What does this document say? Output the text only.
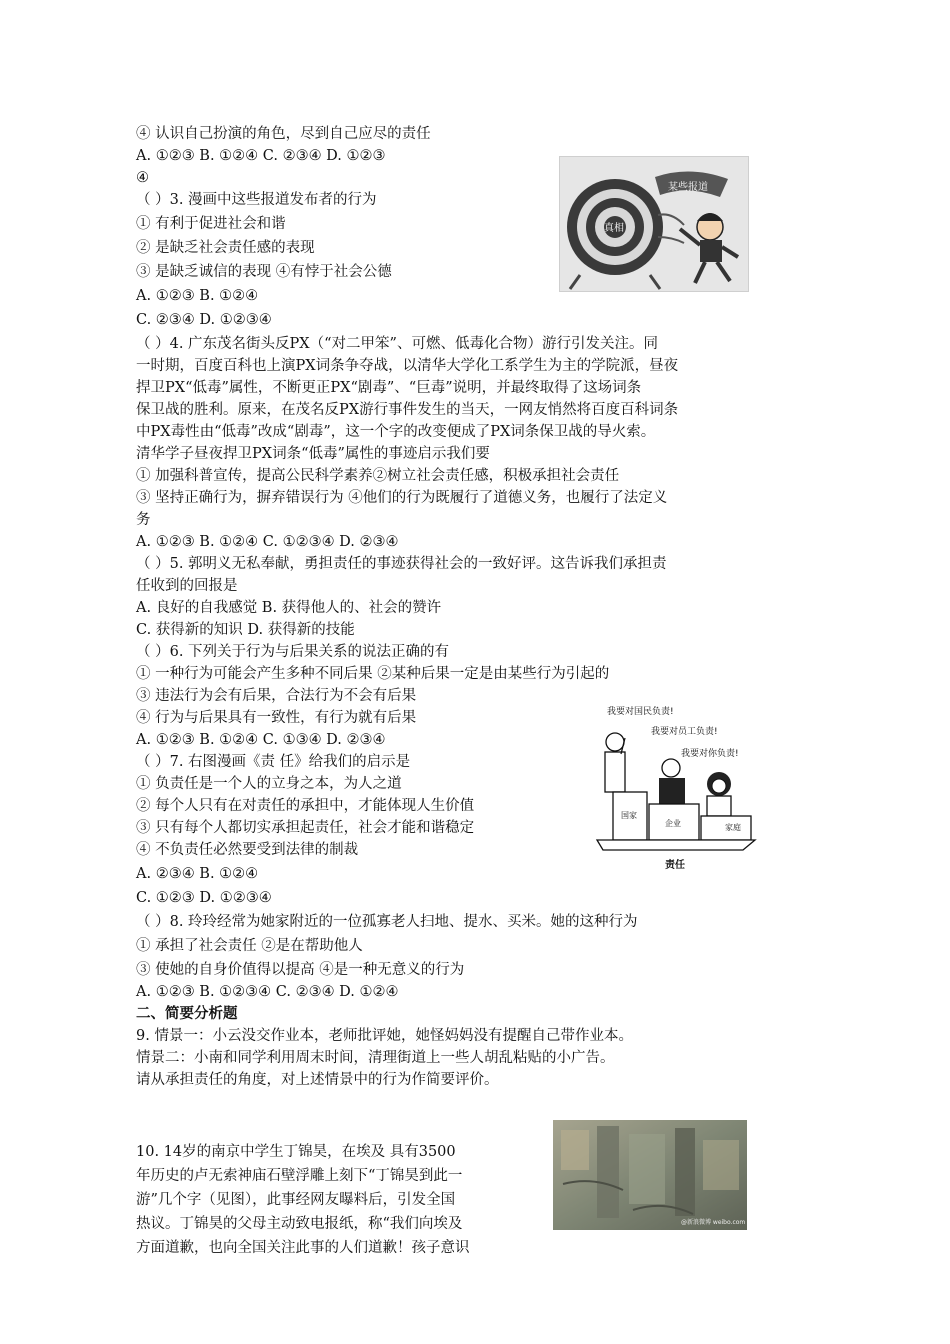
④ 认识自己扮演的角色，尽到自己应尽的责任
A. ①②③ B. ①②④ C. ②③④ D. ①②③
④
（ ）3. 漫画中这些报道发布者的行为
① 有利于促进社会和谐
② 是缺乏社会责任感的表现
③ 是缺乏诚信的表现 ④有悖于社会公德
A. ①②③ B. ①②④
C. ②③④ D. ①②③④
（ ）4. 广东茂名街头反PX（“对二甲笨”、可燃、低毒化合物）游行引发关注。同
一时期，百度百科也上演PX词条争夺战，以清华大学化工系学生为主的学院派，昼夜
捍卫PX“低毒”属性，不断更正PX“剧毒”、“巨毒”说明，并最终取得了这场词条
保卫战的胜利。原来，在茂名反PX游行事件发生的当天，一网友悄然将百度百科词条
中PX毒性由“低毒”改成“剧毒”，这一个字的改变便成了PX词条保卫战的导火索。
清华学子昼夜捍卫PX词条“低毒”属性的事迹启示我们要
① 加强科普宣传，提高公民科学素养②树立社会责任感，积极承担社会责任
③ 坚持正确行为，摒弃错误行为 ④他们的行为既履行了道德义务，也履行了法定义
务
A. ①②③ B. ①②④ C. ①②③④ D. ②③④
（ ）5. 郭明义无私奉献，勇担责任的事迹获得社会的一致好评。这告诉我们承担责
任收到的回报是
A. 良好的自我感觉 B. 获得他人的、社会的赞许
C. 获得新的知识 D. 获得新的技能
（ ）6. 下列关于行为与后果关系的说法正确的有
① 一种行为可能会产生多种不同后果 ②某种后果一定是由某些行为引起的
③ 违法行为会有后果，合法行为不会有后果
④ 行为与后果具有一致性，有行为就有后果
A. ①②③ B. ①②④ C. ①③④ D. ②③④
（ ）7. 右图漫画《责 任》给我们的启示是
① 负责任是一个人的立身之本，为人之道
② 每个人只有在对责任的承担中，才能体现人生价值
③ 只有每个人都切实承担起责任，社会才能和谐稳定
④ 不负责任必然要受到法律的制裁
A. ②③④ B. ①②④
C. ①②③ D. ①②③④
（ ）8. 玲玲经常为她家附近的一位孤寡老人扫地、提水、买米。她的这种行为
① 承担了社会责任 ②是在帮助他人
③ 使她的自身价值得以提高 ④是一种无意义的行为
A. ①②③ B. ①②③④ C. ②③④ D. ①②④
二、简要分析题
9. 情景一：小云没交作业本，老师批评她，她怪妈妈没有提醒自己带作业本。
情景二：小南和同学利用周末时间，清理街道上一些人胡乱粘贴的小广告。
请从承担责任的角度，对上述情景中的行为作简要评价。
10. 14岁的南京中学生丁锦昊，在埃及 具有3500
年历史的卢无索神庙石壁浮雕上刻下“丁锦昊到此一
游”几个字（见图），此事经网友曝料后，引发全国
热议。丁锦昊的父母主动致电报纸，称“我们向埃及
方面道歉，也向全国关注此事的人们道歉！孩子意识
真相
某些报道
我要对国民负责!
我要对员工负责!
我要对你负责!
国家
企业	家庭
责任
@新浪微博 weibo.com
